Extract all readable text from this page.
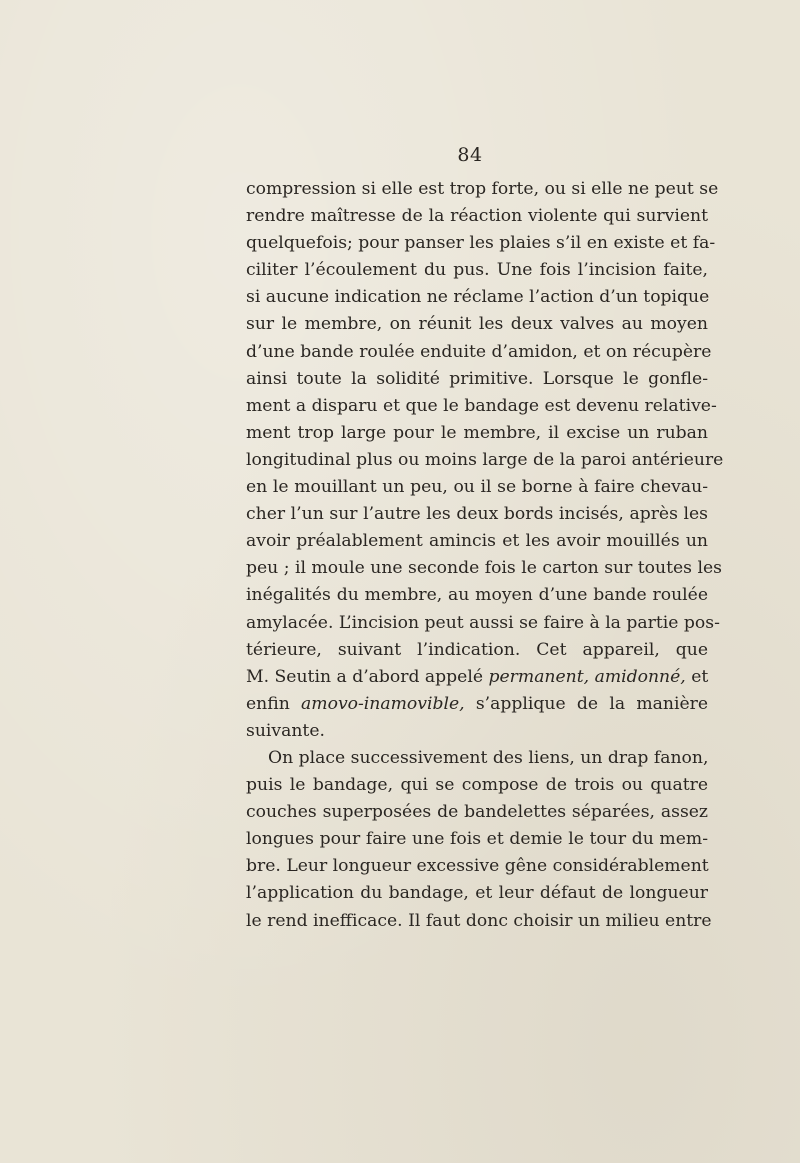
84
compression si elle est trop forte, ou si elle ne peut se
rendre maîtresse de la réaction violente qui survient
quelquefois; pour panser les plaies s’il en existe et fa-
ciliter l’écoulement du pus. Une fois l’incision faite,
si aucune indication ne réclame l’action d’un topique
sur le membre, on réunit les deux valves au moyen
d’une bande roulée enduite d’amidon, et on récupère
ainsi toute la solidité primitive. Lorsque le gonfle-
ment a disparu et que le bandage est devenu relative-
ment trop large pour le membre, il excise un ruban
longitudinal plus ou moins large de la paroi antérieure
en le mouillant un peu, ou il se borne à faire chevau-
cher l’un sur l’autre les deux bords incisés, après les
avoir préalablement amincis et les avoir mouillés un
peu ; il moule une seconde fois le carton sur toutes les
inégalités du membre, au moyen d’une bande roulée
amylacée. L’incision peut aussi se faire à la partie pos-
térieure, suivant l’indication. Cet appareil, que
M. Seutin a d’abord appelé permanent, amidonné, et
enfin amovo-inamovible, s’applique de la manière
suivante.
On place successivement des liens, un drap fanon,
puis le bandage, qui se compose de trois ou quatre
couches superposées de bandelettes séparées, assez
longues pour faire une fois et demie le tour du mem-
bre. Leur longueur excessive gêne considérablement
l’application du bandage, et leur défaut de longueur
le rend inefficace. Il faut donc choisir un milieu entre
